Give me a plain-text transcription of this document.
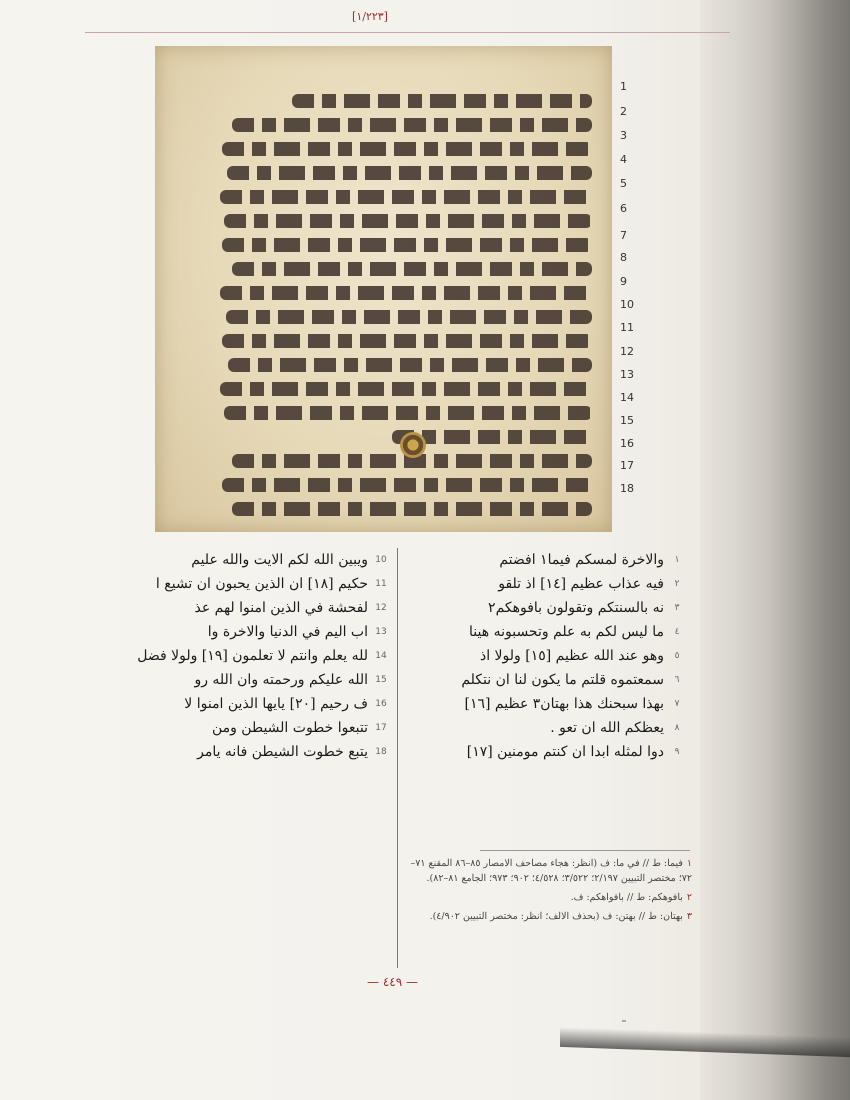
[١/٢٢٣]
1
2
3
4
5
6
7
8
9
10
11
12
13
14
15
16
17
18
١
والاخرة لمسكم فيما١ افضتم
٢
فيه عذاب عظيم [١٤] اذ تلقو
٣
نه بالسنتكم وتقولون بافوهكم٢
٤
ما ليس لكم به علم وتحسبونه هينا
٥
وهو عند الله عظيم [١٥] ولولا اذ
٦
سمعتموه قلتم ما يكون لنا ان نتكلم
٧
بهذا سبحنك هذا بهتان٣ عظيم [١٦]
٨
يعظكم الله ان تعو .
٩
دوا لمثله ابدا ان كنتم مومنين [١٧]
10
ويبين الله لكم الايت والله عليم
11
حكيم [١٨] ان الذين يحبون ان تشيع ا
12
لفحشة في الذين امنوا لهم عذ
13
اب اليم في الدنيا والاخرة وا
14
لله يعلم وانتم لا تعلمون [١٩] ولولا فضل
15
الله عليكم ورحمته وان الله رو
16
ف رحيم [٢٠] يايها الذين امنوا لا
17
تتبعوا خطوت الشيطن ومن
18
يتبع خطوت الشيطن فانه يامر

١فيما: ط // في ما: ف (انظر: هجاء مصاحف الامصار ٨٥–٨٦ المقنع ٧١–٧٢؛ مختصر التبيين ٢/١٩٧؛ ٣/٥٢٢؛ ٤/٥٢٨؛ ٩٠٢؛ ٩٧٣؛ الجامع ٨١–٨٢).

٢بافوهكم: ط // بافواهكم: ف.

٣بهتان: ط // بهتن: ف (بحذف الالف؛ انظر: مختصر التبيين ٤/٩٠٢).

— ٤٤٩ —
